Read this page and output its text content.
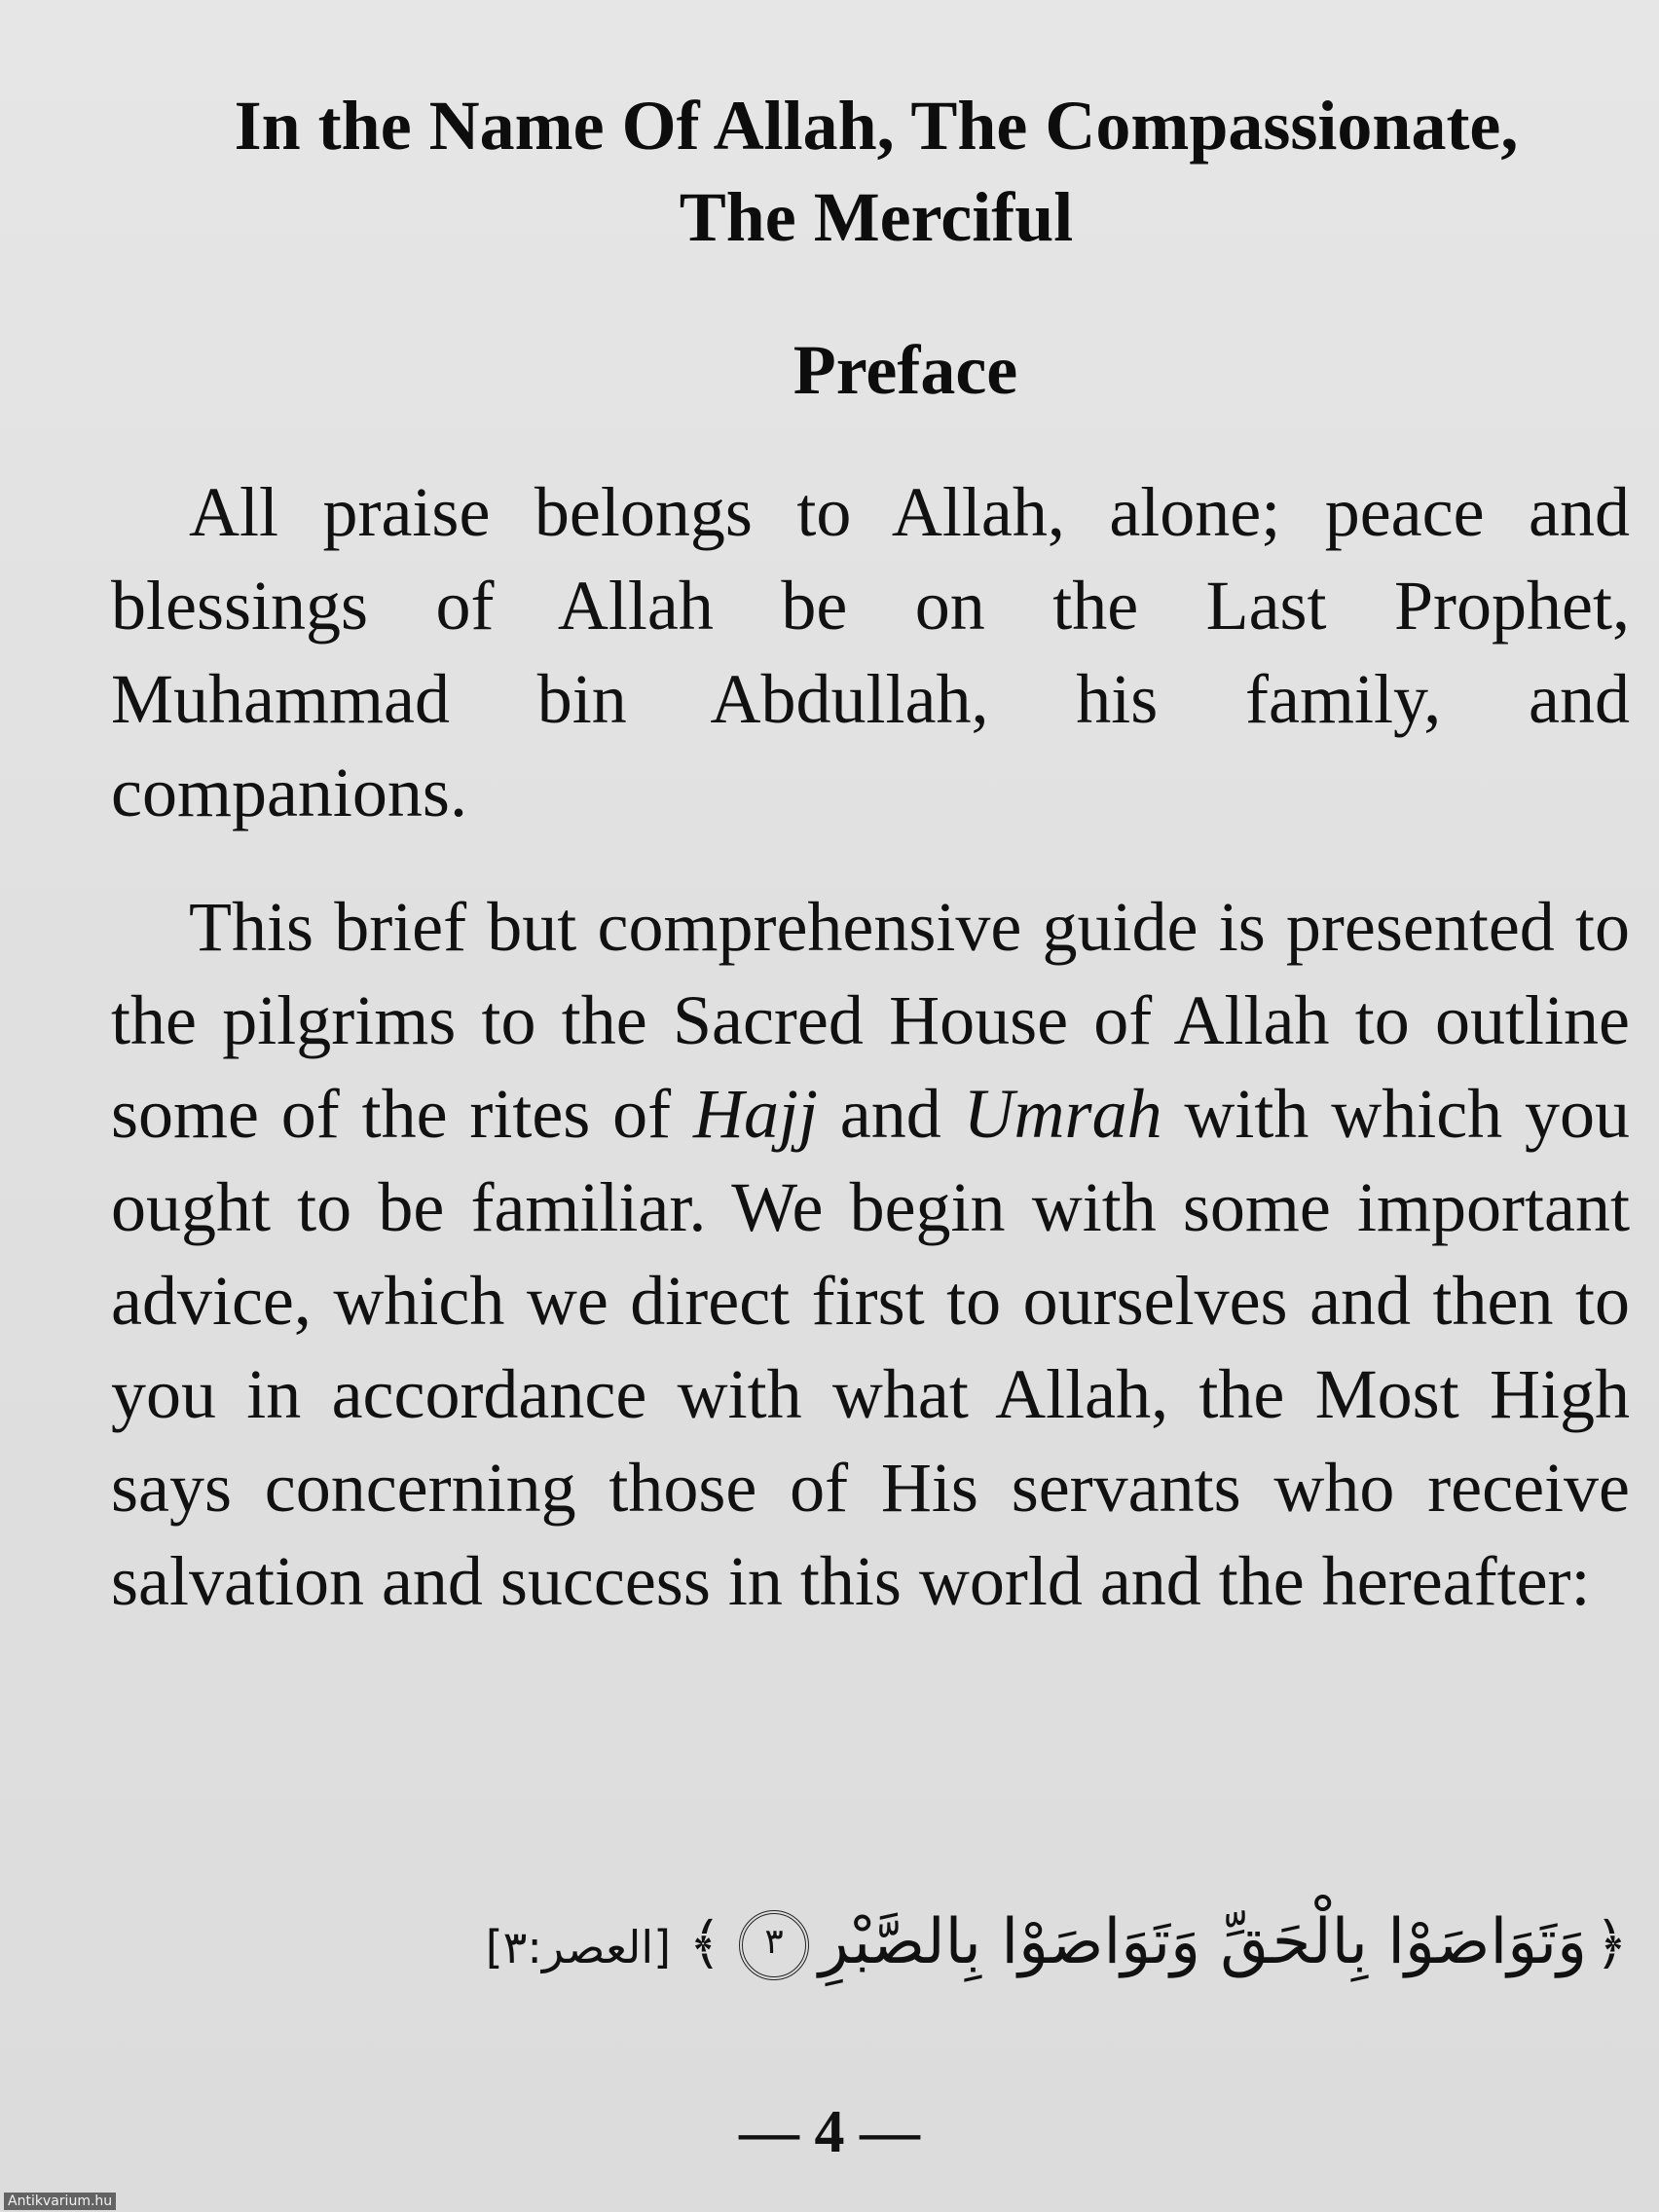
In the Name Of Allah, The Compassionate,
The Merciful
Preface

All praise belongs to Allah, alone; peace and blessings of Allah be on the Last Prophet, Muhammad bin Abdullah, his family, and companions.

This brief but comprehensive guide is presented to the pilgrims to the Sacred House of Allah to outline some of the rites of Hajj and Umrah with which you ought to be familiar. We begin with some important advice, which we direct first to ourselves and then to you in accordance with what Allah, the Most High says concerning those of His servants who receive salvation and success in this world and the hereafter:

﴿وَتَوَاصَوْا بِالْحَقِّ وَتَوَاصَوْا بِالصَّبْرِ٣﴾[العصر:٣]
— 4 —
Antikvarium.hu
